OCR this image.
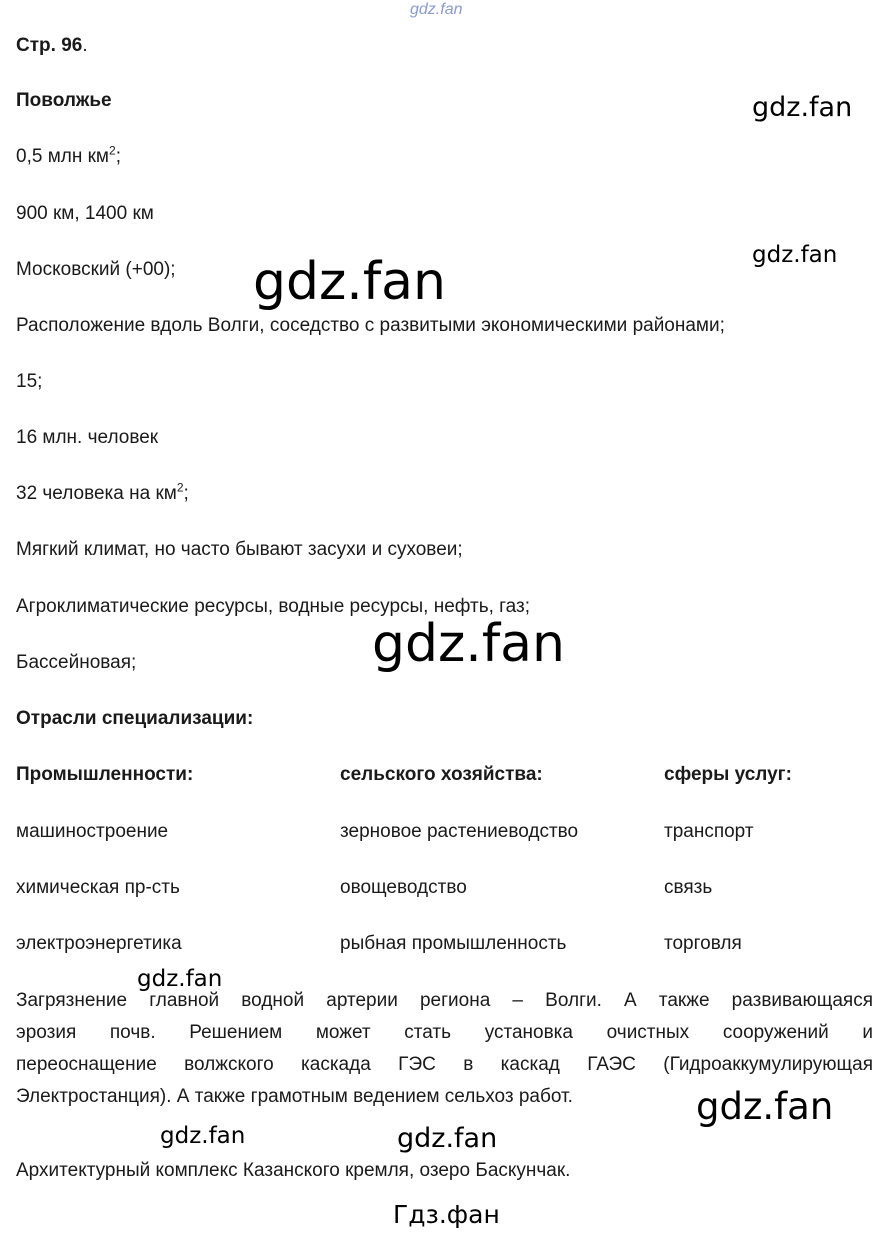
gdz.fan
Стр. 96.
Поволжье
0,5 млн $км^2$;
900 км, 1400 км
Московский (+00);
Расположение вдоль Волги, соседство с развитыми экономическими районами;
15;
16 млн. человек
32 человека на $км^2$;
Мягкий климат, но часто бывают засухи и суховеи;
Агроклиматические ресурсы, водные ресурсы, нефть, газ;
Бассейновая;
Отрасли специализации:
Промышленности:	сельского хозяйства:	сферы услуг:
машиностроение	зерновое растениеводство	транспорт
химическая пр-сть	овощеводство	связь
электроэнергетика	рыбная промышленность	торговля
Загрязнение главной водной артерии региона – Волги. А также развивающаяся
эрозия почв. Решением может стать установка очистных сооружений и
переоснащение волжского каскада ГЭС в каскад ГАЭС (Гидроаккумулирующая
Электростанция). А также грамотным ведением сельхоз работ.
Архитектурный комплекс Казанского кремля, озеро Баскунчак.
gdz.fan
gdz.fan
gdz.fan
gdz.fan
gdz.fan
gdz.fan
gdz.fan	gdz.fan
Гдз.фан
